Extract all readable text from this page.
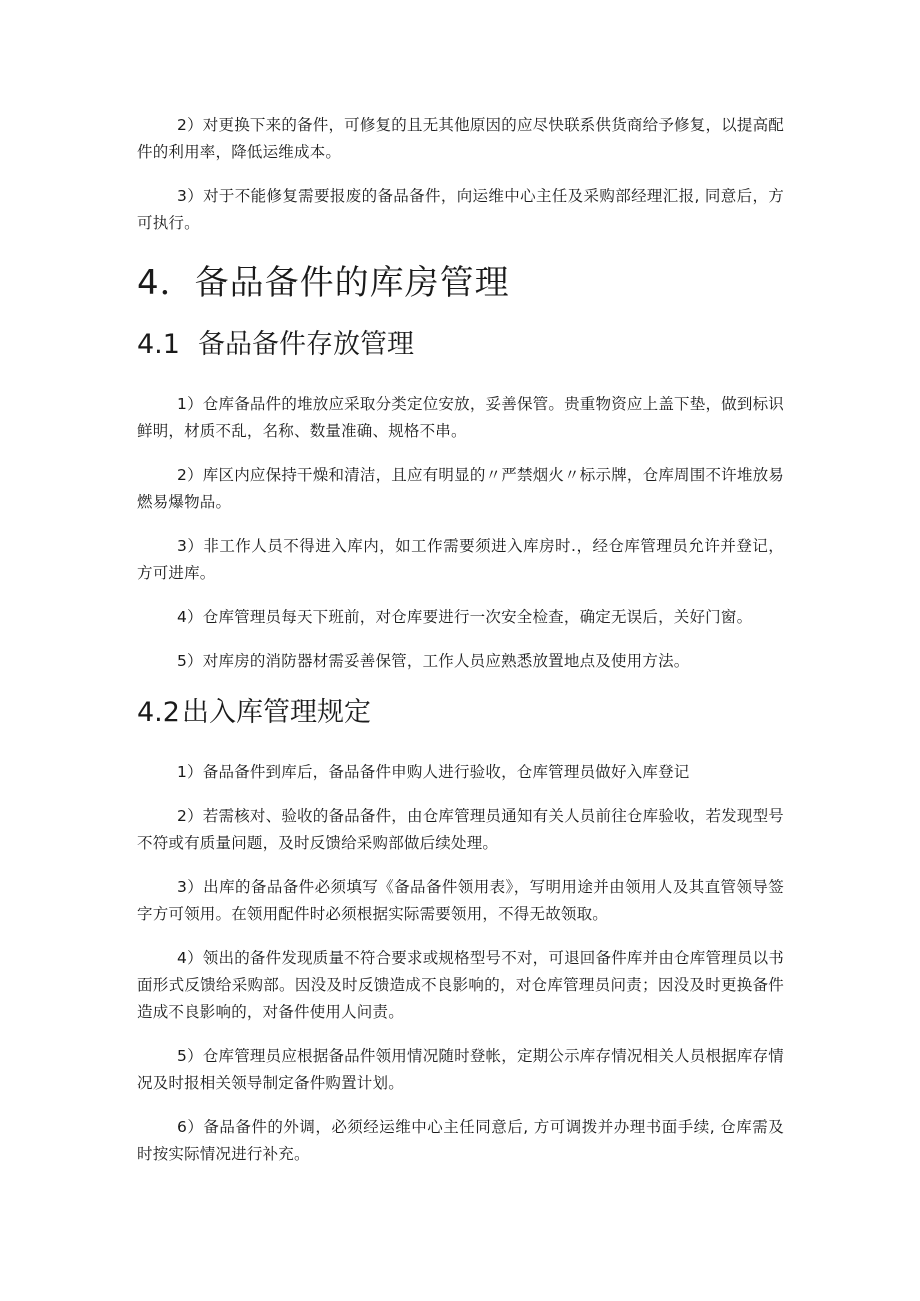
2）对更换下来的备件，可修复的且无其他原因的应尽快联系供货商给予修复，以提高配件的利用率，降低运维成本。

3）对于不能修复需要报废的备品备件，向运维中心主任及采购部经理汇报, 同意后，方可执行。

4．备品备件的库房管理
4.1 备品备件存放管理

1）仓库备品件的堆放应采取分类定位安放，妥善保管。贵重物资应上盖下垫，做到标识鲜明，材质不乱，名称、数量准确、规格不串。

2）库区内应保持干燥和清洁，且应有明显的〃严禁烟火〃标示牌，仓库周围不许堆放易燃易爆物品。

3）非工作人员不得进入库内，如工作需要须进入库房时.，经仓库管理员允许并登记，方可进库。

4）仓库管理员每天下班前，对仓库要进行一次安全检查，确定无误后，关好门窗。

5）对库房的消防器材需妥善保管，工作人员应熟悉放置地点及使用方法。

4.2出入库管理规定

1）备品备件到库后，备品备件申购人进行验收，仓库管理员做好入库登记

2）若需核对、验收的备品备件，由仓库管理员通知有关人员前往仓库验收，若发现型号不符或有质量问题，及时反馈给采购部做后续处理。

3）出库的备品备件必须填写《备品备件领用表》，写明用途并由领用人及其直管领导签字方可领用。在领用配件时必须根据实际需要领用，不得无故领取。

4）领出的备件发现质量不符合要求或规格型号不对，可退回备件库并由仓库管理员以书面形式反馈给采购部。因没及时反馈造成不良影响的，对仓库管理员问责；因没及时更换备件造成不良影响的，对备件使用人问责。

5）仓库管理员应根据备品件领用情况随时登帐，定期公示库存情况相关人员根据库存情况及时报相关领导制定备件购置计划。

6）备品备件的外调，必须经运维中心主任同意后, 方可调拨并办理书面手续, 仓库需及时按实际情况进行补充。
